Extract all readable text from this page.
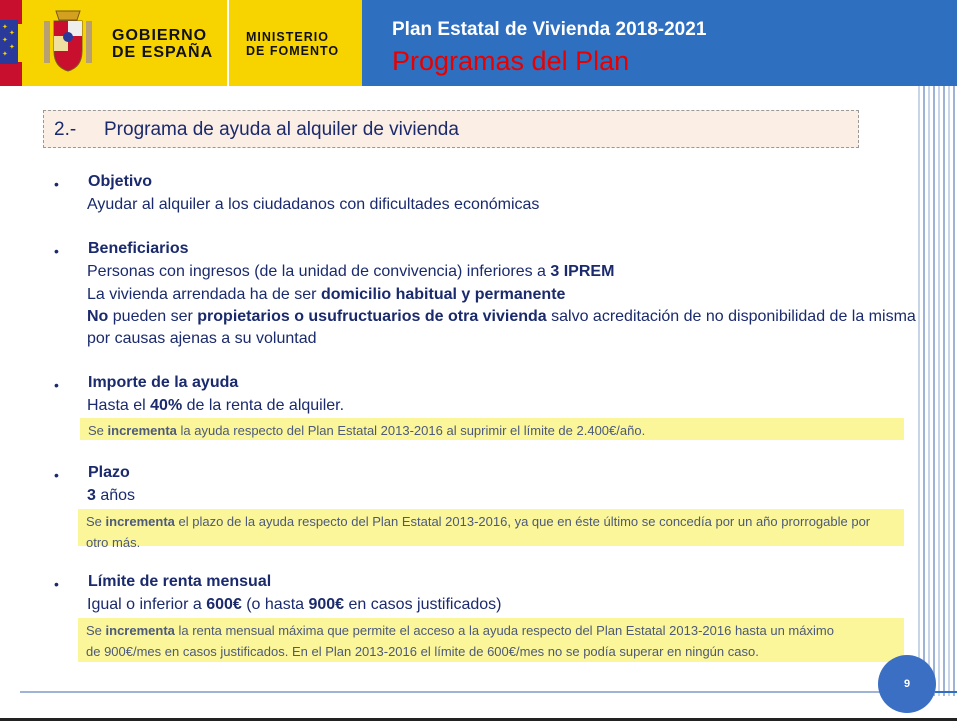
✦
✦
✦
✦
✦
GOBIERNO
DE ESPAÑA
MINISTERIO
DE FOMENTO
Plan Estatal de Vivienda 2018-2021
Programas del Plan
2.- Programa de ayuda al alquiler de vivienda
• Objetivo
Ayudar al alquiler a los ciudadanos con dificultades económicas
• Beneficiarios
Personas con ingresos (de la unidad de convivencia) inferiores a 3 IPREM
La vivienda arrendada ha de ser domicilio habitual y permanente
No pueden ser propietarios o usufructuarios de otra vivienda salvo acreditación de no disponibilidad de la misma
por causas ajenas a su voluntad
• Importe de la ayuda
Hasta el 40% de la renta de alquiler.
Se incrementa la ayuda respecto del Plan Estatal 2013-2016 al suprimir el límite de 2.400€/año.
• Plazo
3 años
Se incrementa el plazo de la ayuda respecto del Plan Estatal 2013-2016, ya que en éste último se concedía por un año prorrogable por otro más.
• Límite de renta mensual
Igual o inferior a 600€ (o hasta 900€ en casos justificados)
Se incrementa la renta mensual máxima que permite el acceso a la ayuda respecto del Plan Estatal 2013-2016 hasta un máximo de 900€/mes en casos justificados. En el Plan 2013-2016 el límite de 600€/mes no se podía superar en ningún caso.
9
